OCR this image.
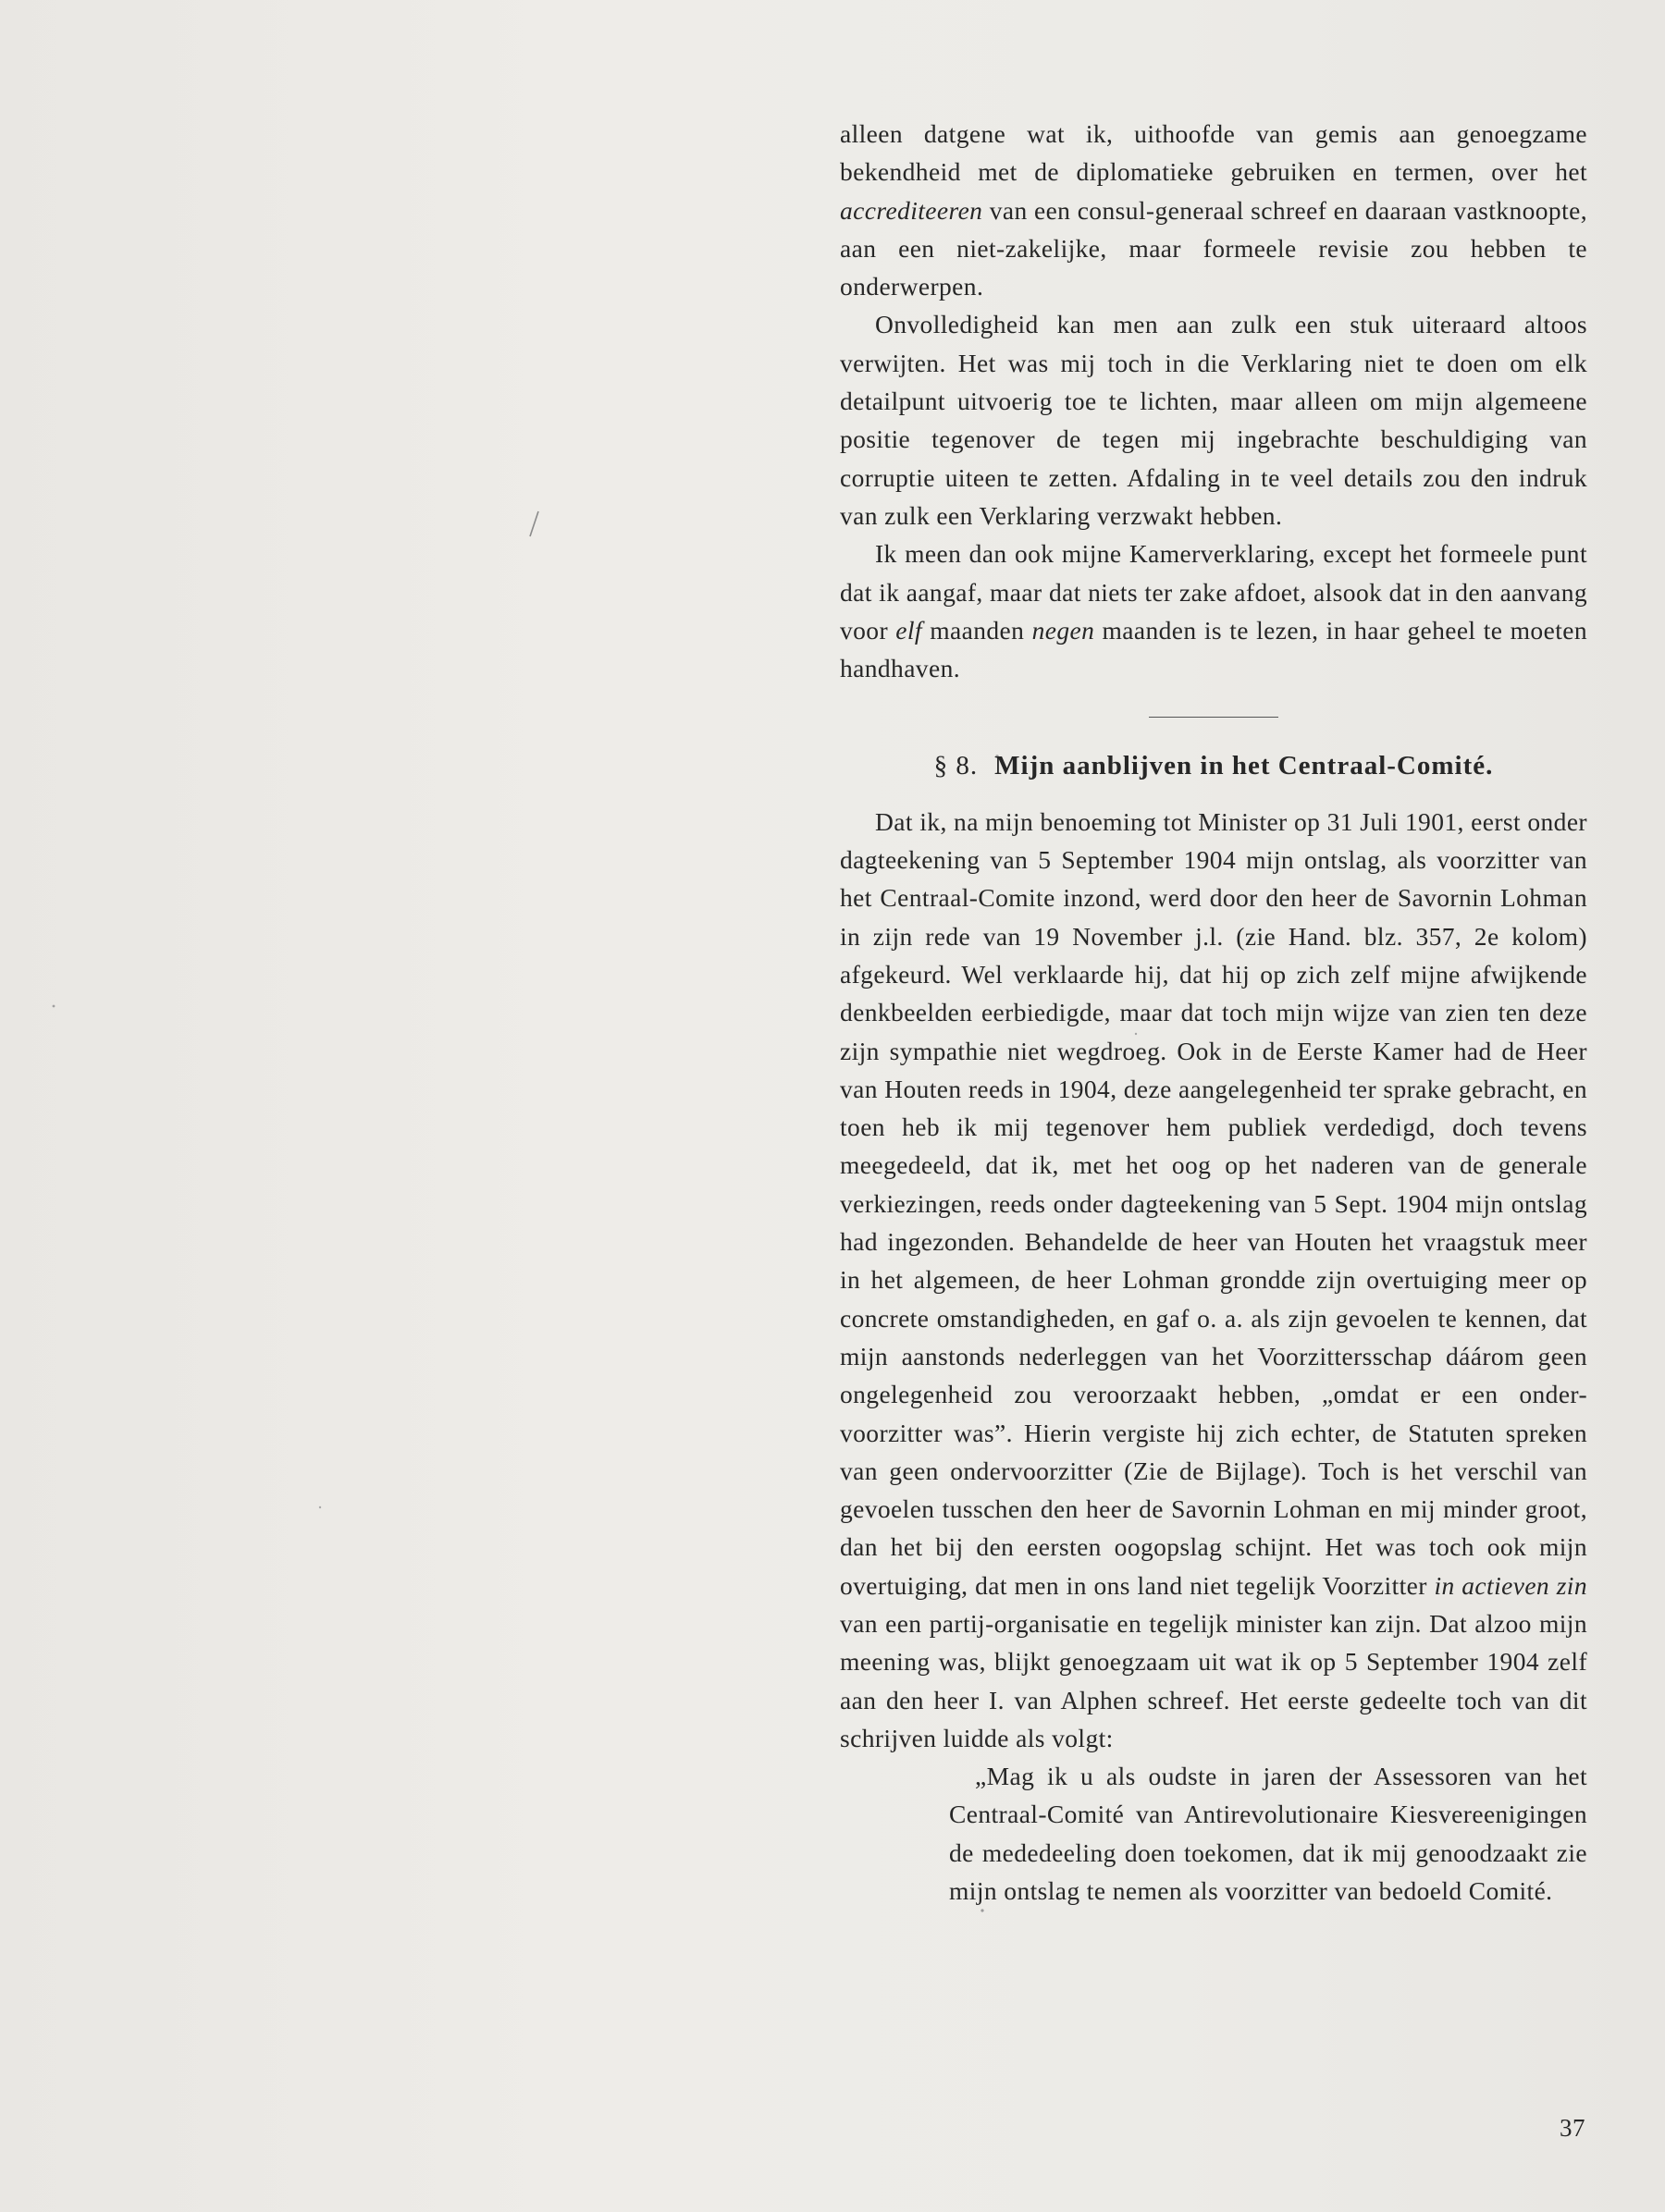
alleen datgene wat ik, uithoofde van gemis aan genoegzame bekendheid met de diplomatieke gebruiken en termen, over het accrediteeren van een consul-generaal schreef en daaraan vastknoopte, aan een niet-zakelijke, maar formeele revisie zou hebben te onderwerpen.

Onvolledigheid kan men aan zulk een stuk uiteraard altoos verwijten. Het was mij toch in die Verklaring niet te doen om elk detailpunt uitvoerig toe te lichten, maar alleen om mijn algemeene positie tegenover de tegen mij ingebrachte beschuldiging van corruptie uiteen te zetten. Afdaling in te veel details zou den indruk van zulk een Verklaring verzwakt hebben.

Ik meen dan ook mijne Kamerverklaring, except het formeele punt dat ik aangaf, maar dat niets ter zake afdoet, alsook dat in den aanvang voor elf maanden negen maanden is te lezen, in haar geheel te moeten handhaven.

§ 8. Mijn aanblijven in het Centraal-Comité.

Dat ik, na mijn benoeming tot Minister op 31 Juli 1901, eerst onder dagteekening van 5 September 1904 mijn ontslag, als voorzitter van het Centraal-Comite inzond, werd door den heer de Savornin Lohman in zijn rede van 19 November j.l. (zie Hand. blz. 357, 2e kolom) afgekeurd. Wel verklaarde hij, dat hij op zich zelf mijne afwijkende denkbeelden eerbiedigde, maar dat toch mijn wijze van zien ten deze zijn sympathie niet wegdroeg. Ook in de Eerste Kamer had de Heer van Houten reeds in 1904, deze aangelegenheid ter sprake gebracht, en toen heb ik mij tegenover hem publiek verdedigd, doch tevens meegedeeld, dat ik, met het oog op het naderen van de generale verkiezingen, reeds onder dagteekening van 5 Sept. 1904 mijn ontslag had ingezonden. Behandelde de heer van Houten het vraagstuk meer in het algemeen, de heer Lohman grondde zijn overtuiging meer op concrete omstandigheden, en gaf o. a. als zijn gevoelen te kennen, dat mijn aanstonds nederleggen van het Voorzittersschap dáárom geen ongelegenheid zou veroorzaakt hebben, „omdat er een onder-voorzitter was”. Hierin vergiste hij zich echter, de Statuten spreken van geen ondervoorzitter (Zie de Bijlage). Toch is het verschil van gevoelen tusschen den heer de Savornin Lohman en mij minder groot, dan het bij den eersten oogopslag schijnt. Het was toch ook mijn overtuiging, dat men in ons land niet tegelijk Voorzitter in actieven zin van een partij-organisatie en tegelijk minister kan zijn. Dat alzoo mijn meening was, blijkt genoegzaam uit wat ik op 5 September 1904 zelf aan den heer I. van Alphen schreef. Het eerste gedeelte toch van dit schrijven luidde als volgt:

„Mag ik u als oudste in jaren der Assessoren van het Centraal-Comité van Antirevolutionaire Kiesvereenigingen de mededeeling doen toekomen, dat ik mij genoodzaakt zie mijn ontslag te nemen als voorzitter van bedoeld Comité.

37
